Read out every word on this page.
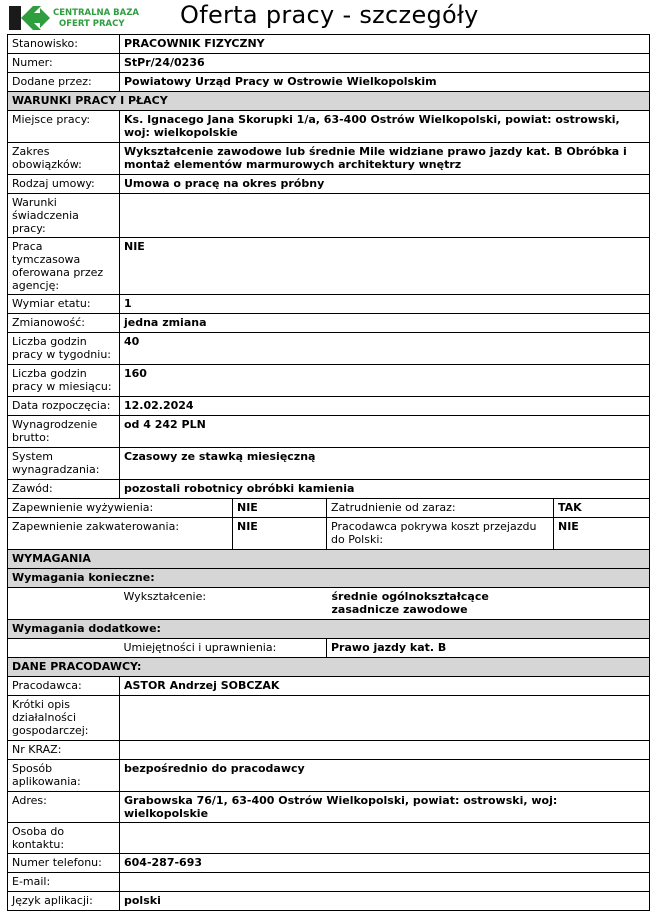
CENTRALNA BAZA
OFERT PRACY Oferta pracy - szczegóły
Stanowisko:	PRACOWNIK FIZYCZNY			
Numer:	StPr/24/0236			
Dodane przez:	Powiatowy Urząd Pracy w Ostrowie Wielkopolskim			
WARUNKI PRACY I PŁACY				
Miejsce pracy:	Ks. Ignacego Jana Skorupki 1/a, 63-400 Ostrów Wielkopolski, powiat: ostrowski, woj: wielkopolskie			
Zakres obowiązków:	Wykształcenie zawodowe lub średnie Mile widziane prawo jazdy kat. B Obróbka i montaż elementów marmurowych architektury wnętrz			
Rodzaj umowy:	Umowa o pracę na okres próbny			
Warunki świadczenia pracy:				
Praca tymczasowa oferowana przez agencję:	NIE			
Wymiar etatu:	1			
Zmianowość:	jedna zmiana			
Liczba godzin pracy w tygodniu:	40			
Liczba godzin pracy w miesiącu:	160			
Data rozpoczęcia:	12.02.2024			
Wynagrodzenie brutto:	od 4 242 PLN			
System wynagradzania:	Czasowy ze stawką miesięczną			
Zawód:	pozostali robotnicy obróbki kamienia			
Zapewnienie wyżywienia:		NIE	Zatrudnienie od zaraz:	TAK
Zapewnienie zakwaterowania:		NIE	Pracodawca pokrywa koszt przejazdu do Polski:	NIE
WYMAGANIA				
Wymagania konieczne:				
	Wykształcenie:		średnie ogólnokształcące
zasadnicze zawodowe	

Wymagania dodatkowe:				
	Umiejętności i uprawnienia:		Prawo jazdy kat. B	
DANE PRACODAWCY:				
Pracodawca:	ASTOR Andrzej SOBCZAK			
Krótki opis działalności gospodarczej:				
Nr KRAZ:				
Sposób aplikowania:	bezpośrednio do pracodawcy			
Adres:	Grabowska 76/1, 63-400 Ostrów Wielkopolski, powiat: ostrowski, woj: wielkopolskie			
Osoba do kontaktu:				
Numer telefonu:	604-287-693			
E-mail:				
Język aplikacji:	polski			
